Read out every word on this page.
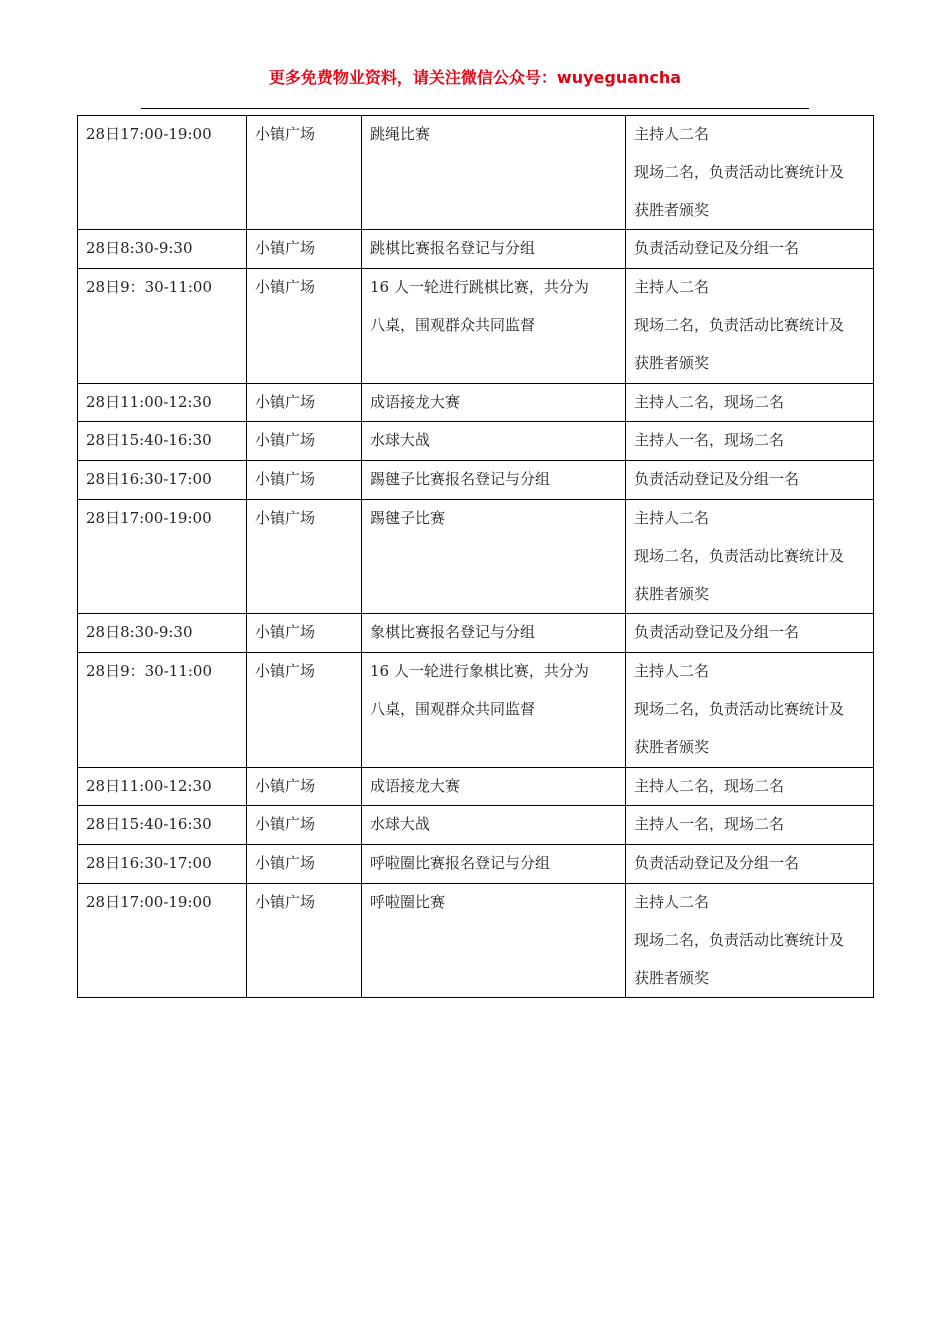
更多免费物业资料，请关注微信公众号：wuyeguancha
28日17:00-19:00	小镇广场	跳绳比赛	主持人二名
现场二名，负责活动比赛统计及
获胜者颁奖

28日8:30-9:30	小镇广场	跳棋比赛报名登记与分组	负责活动登记及分组一名

28日9：30-11:00	小镇广场	16 人一轮进行跳棋比赛，共分为
八桌，围观群众共同监督	主持人二名
现场二名，负责活动比赛统计及
获胜者颁奖

28日11:00-12:30	小镇广场	成语接龙大赛	主持人二名，现场二名

28日15:40-16:30	小镇广场	水球大战	主持人一名，现场二名

28日16:30-17:00	小镇广场	踢毽子比赛报名登记与分组	负责活动登记及分组一名

28日17:00-19:00	小镇广场	踢毽子比赛	主持人二名
现场二名，负责活动比赛统计及
获胜者颁奖

28日8:30-9:30	小镇广场	象棋比赛报名登记与分组	负责活动登记及分组一名

28日9：30-11:00	小镇广场	16 人一轮进行象棋比赛，共分为
八桌，围观群众共同监督	主持人二名
现场二名，负责活动比赛统计及
获胜者颁奖

28日11:00-12:30	小镇广场	成语接龙大赛	主持人二名，现场二名

28日15:40-16:30	小镇广场	水球大战	主持人一名，现场二名

28日16:30-17:00	小镇广场	呼啦圈比赛报名登记与分组	负责活动登记及分组一名

28日17:00-19:00	小镇广场	呼啦圈比赛	主持人二名
现场二名，负责活动比赛统计及
获胜者颁奖
